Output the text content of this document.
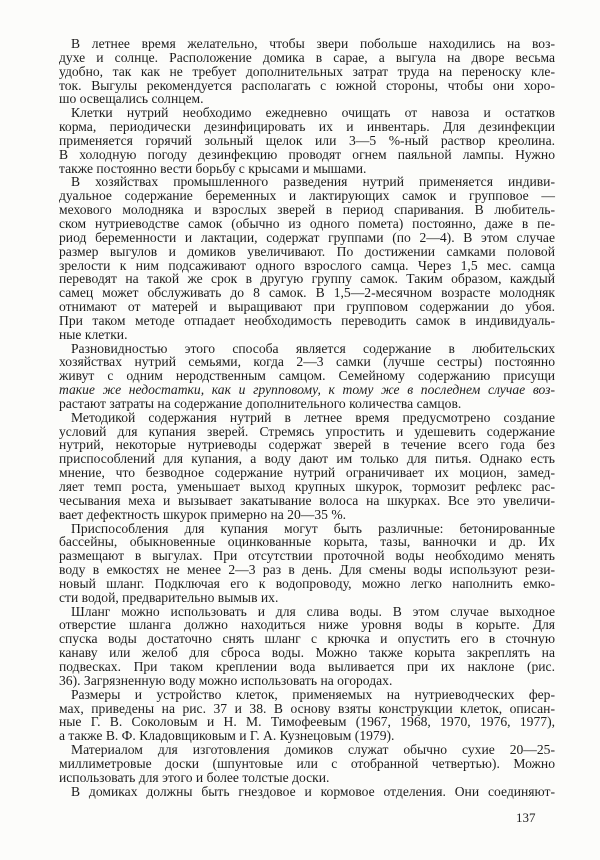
В летнее время желательно, чтобы звери побольше находились на воз-
духе и солнце. Расположение домика в сарае, а выгула на дворе весьма
удобно, так как не требует дополнительных затрат труда на переноску кле-
ток. Выгулы рекомендуется располагать с южной стороны, чтобы они хоро-
шо освещались солнцем.
Клетки нутрий необходимо ежедневно очищать от навоза и остатков
корма, периодически дезинфицировать их и инвентарь. Для дезинфекции
применяется горячий зольный щелок или 3—5 %-ный раствор креолина.
В холодную погоду дезинфекцию проводят огнем паяльной лампы. Нужно
также постоянно вести борьбу с крысами и мышами.
В хозяйствах промышленного разведения нутрий применяется индиви-
дуальное содержание беременных и лактирующих самок и групповое —
мехового молодняка и взрослых зверей в период спаривания. В любитель-
ском нутриеводстве самок (обычно из одного помета) постоянно, даже в пе-
риод беременности и лактации, содержат группами (по 2—4). В этом случае
размер выгулов и домиков увеличивают. По достижении самками половой
зрелости к ним подсаживают одного взрослого самца. Через 1,5 мес. самца
переводят на такой же срок в другую группу самок. Таким образом, каждый
самец может обслуживать до 8 самок. В 1,5—2-месячном возрасте молодняк
отнимают от матерей и выращивают при групповом содержании до убоя.
При таком методе отпадает необходимость переводить самок в индивидуаль-
ные клетки.
Разновидностью этого способа является содержание в любительских
хозяйствах нутрий семьями, когда 2—3 самки (лучше сестры) постоянно
живут с одним неродственным самцом. Семейному содержанию присущи
такие же недостатки, как и групповому, к тому же в последнем случае воз-
растают затраты на содержание дополнительного количества самцов.
Методикой содержания нутрий в летнее время предусмотрено создание
условий для купания зверей. Стремясь упростить и удешевить содержание
нутрий, некоторые нутриеводы содержат зверей в течение всего года без
приспособлений для купания, а воду дают им только для питья. Однако есть
мнение, что безводное содержание нутрий ограничивает их моцион, замед-
ляет темп роста, уменьшает выход крупных шкурок, тормозит рефлекс рас-
чесывания меха и вызывает закатывание волоса на шкурках. Все это увеличи-
вает дефектность шкурок примерно на 20—35 %.
Приспособления для купания могут быть различные: бетонированные
бассейны, обыкновенные оцинкованные корыта, тазы, ванночки и др. Их
размещают в выгулах. При отсутствии проточной воды необходимо менять
воду в емкостях не менее 2—3 раз в день. Для смены воды используют рези-
новый шланг. Подключая его к водопроводу, можно легко наполнить емко-
сти водой, предварительно вымыв их.
Шланг можно использовать и для слива воды. В этом случае выходное
отверстие шланга должно находиться ниже уровня воды в корыте. Для
спуска воды достаточно снять шланг с крючка и опустить его в сточную
канаву или желоб для сброса воды. Можно также корыта закреплять на
подвесках. При таком креплении вода выливается при их наклоне (рис.
36). Загрязненную воду можно использовать на огородах.
Размеры и устройство клеток, применяемых на нутриеводческих фер-
мах, приведены на рис. 37 и 38. В основу взяты конструкции клеток, описан-
ные Г. В. Соколовым и Н. М. Тимофеевым (1967, 1968, 1970, 1976, 1977),
а также В. Ф. Кладовщиковым и Г. А. Кузнецовым (1979).
Материалом для изготовления домиков служат обычно сухие 20—25-
миллиметровые доски (шпунтовые или с отобранной четвертью). Можно
использовать для этого и более толстые доски.
В домиках должны быть гнездовое и кормовое отделения. Они соединяют-
137
